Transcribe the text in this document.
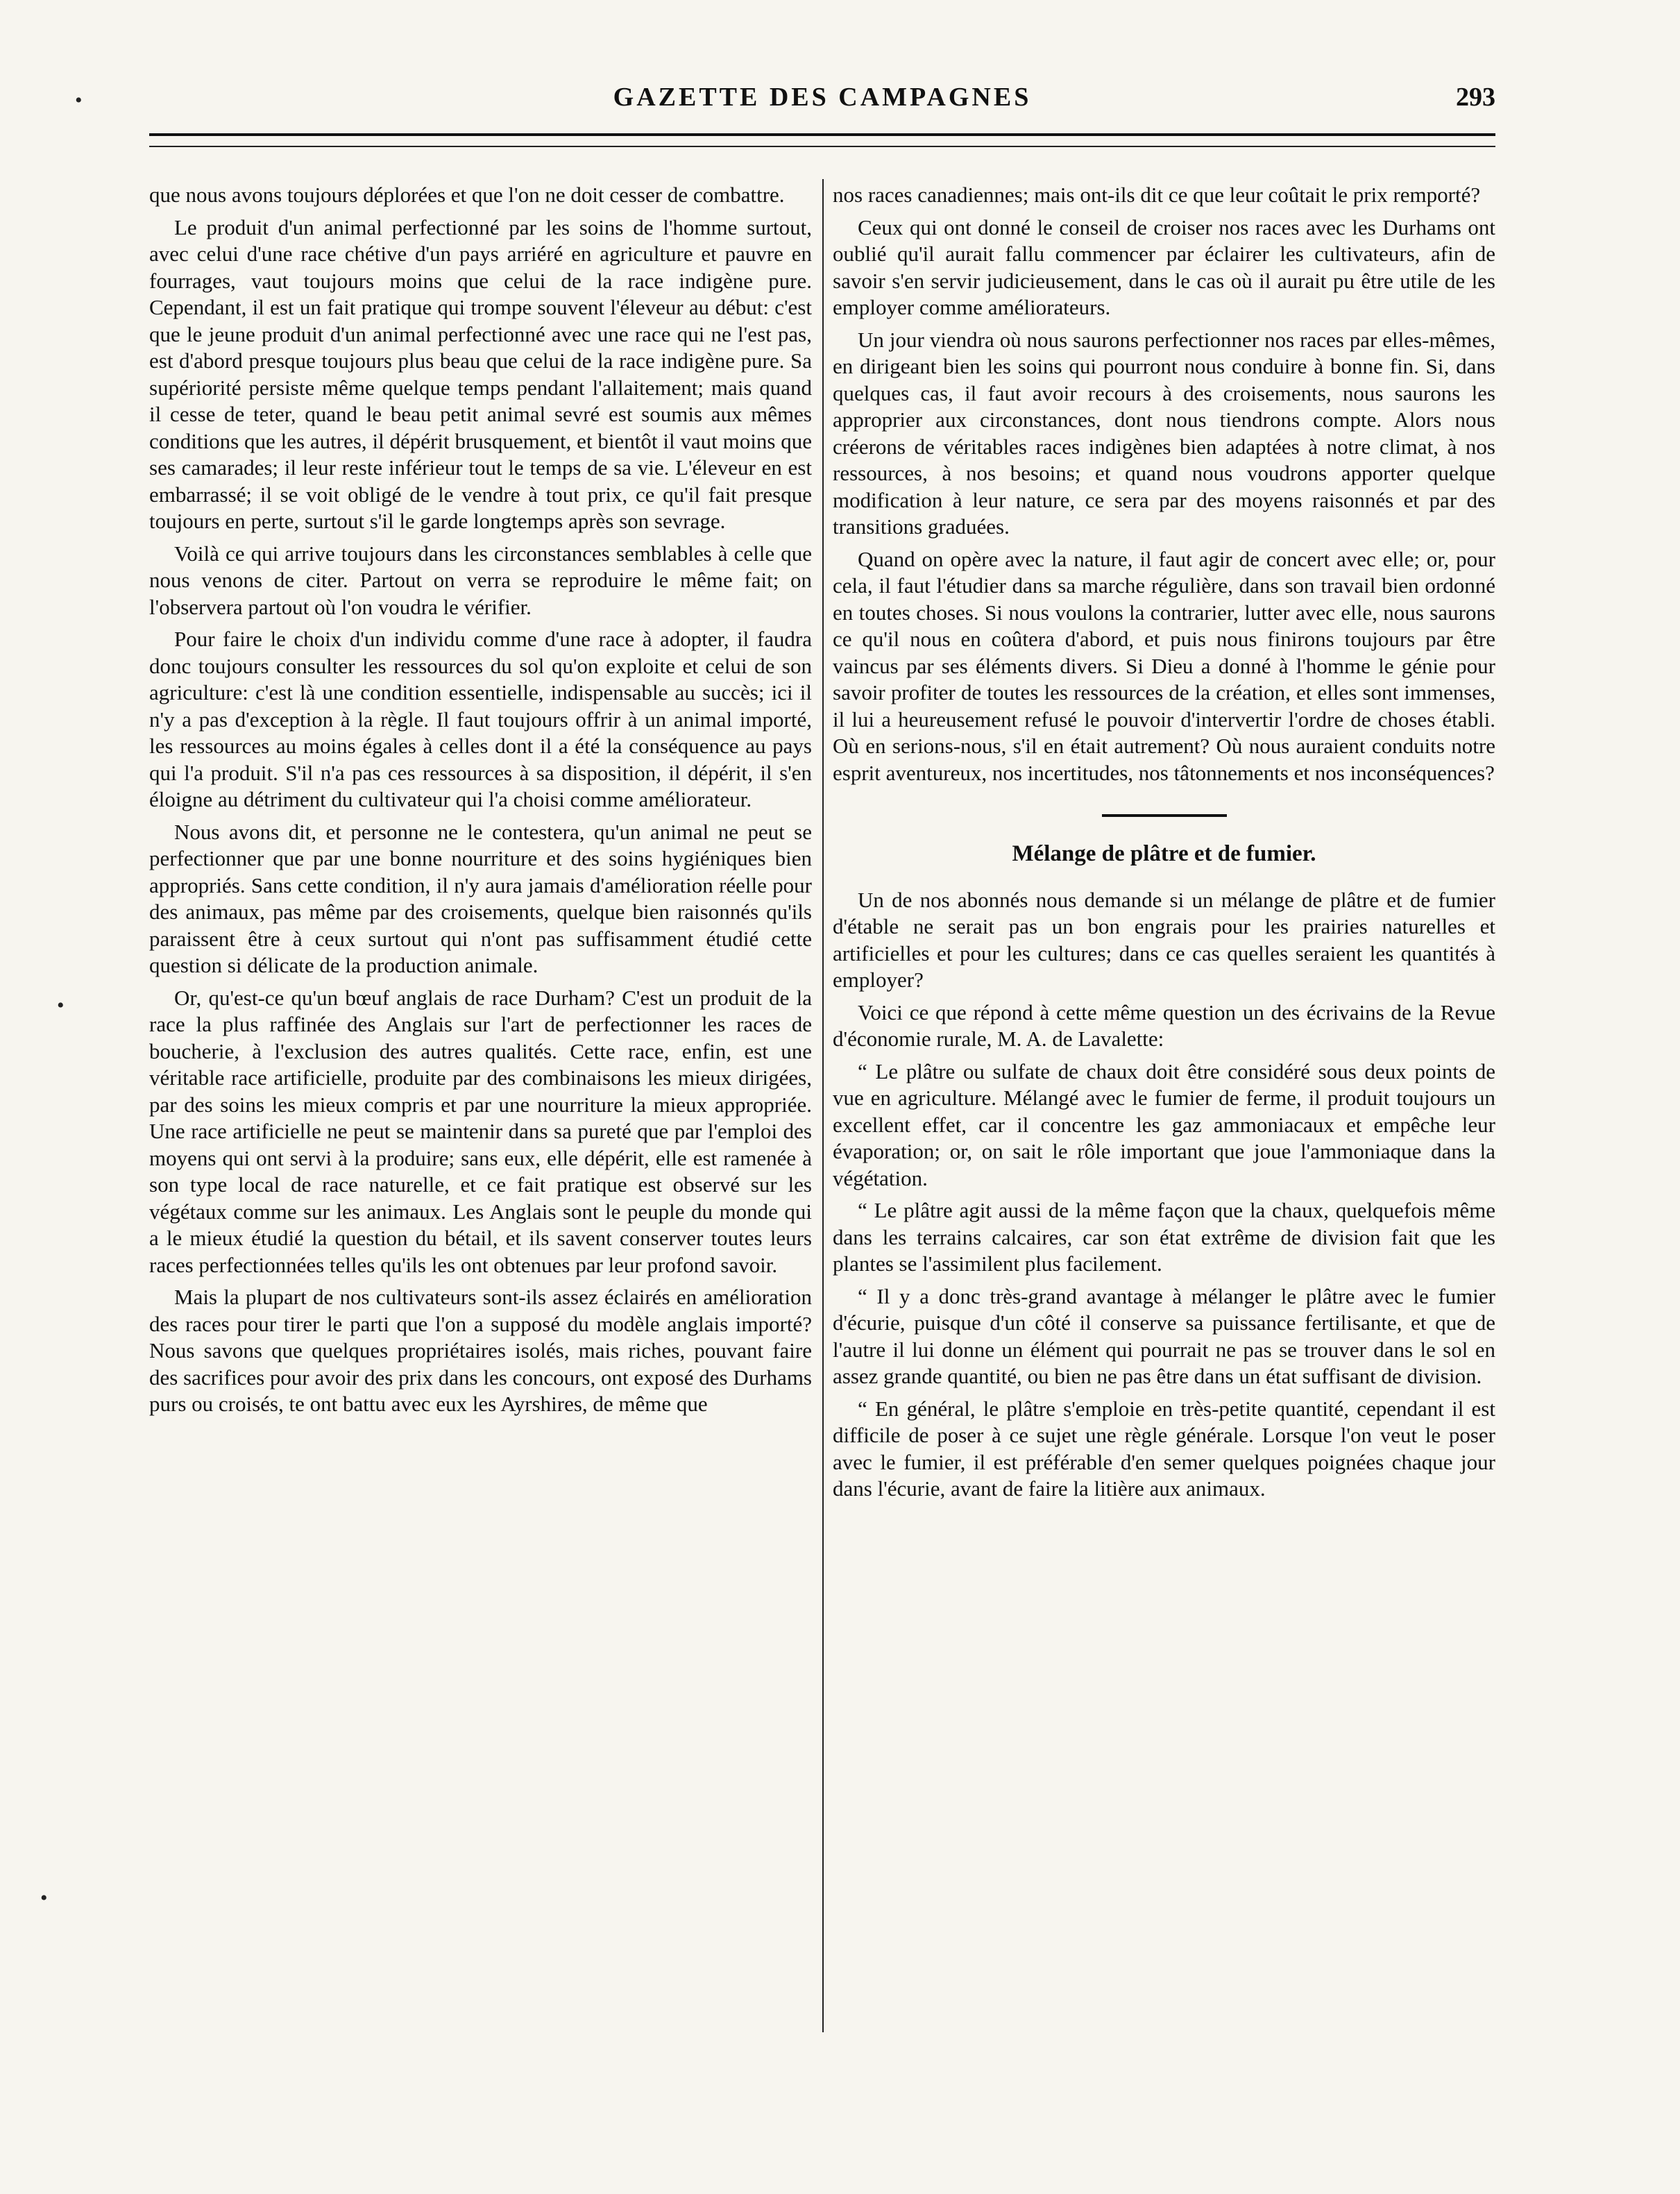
GAZETTE DES CAMPAGNES	293
•
•
•

que nous avons toujours déplorées et que l'on ne doit cesser de combattre.

Le produit d'un animal perfectionné par les soins de l'homme surtout, avec celui d'une race chétive d'un pays arriéré en agriculture et pauvre en fourrages, vaut toujours moins que celui de la race indigène pure. Cependant, il est un fait pratique qui trompe souvent l'éleveur au début: c'est que le jeune produit d'un animal perfectionné avec une race qui ne l'est pas, est d'abord presque toujours plus beau que celui de la race indigène pure. Sa supériorité persiste même quelque temps pendant l'allaitement; mais quand il cesse de teter, quand le beau petit animal sevré est soumis aux mêmes conditions que les autres, il dépérit brusquement, et bientôt il vaut moins que ses camarades; il leur reste inférieur tout le temps de sa vie. L'éleveur en est embarrassé; il se voit obligé de le vendre à tout prix, ce qu'il fait presque toujours en perte, surtout s'il le garde longtemps après son sevrage.

Voilà ce qui arrive toujours dans les circonstances semblables à celle que nous venons de citer. Partout on verra se reproduire le même fait; on l'observera partout où l'on voudra le vérifier.

Pour faire le choix d'un individu comme d'une race à adopter, il faudra donc toujours consulter les ressources du sol qu'on exploite et celui de son agriculture: c'est là une condition essentielle, indispensable au succès; ici il n'y a pas d'exception à la règle. Il faut toujours offrir à un animal importé, les ressources au moins égales à celles dont il a été la conséquence au pays qui l'a produit. S'il n'a pas ces ressources à sa disposition, il dépérit, il s'en éloigne au détriment du cultivateur qui l'a choisi comme améliorateur.

Nous avons dit, et personne ne le contestera, qu'un animal ne peut se perfectionner que par une bonne nourriture et des soins hygiéniques bien appropriés. Sans cette condition, il n'y aura jamais d'amélioration réelle pour des animaux, pas même par des croisements, quelque bien raisonnés qu'ils paraissent être à ceux surtout qui n'ont pas suffisamment étudié cette question si délicate de la production animale.

Or, qu'est-ce qu'un bœuf anglais de race Durham? C'est un produit de la race la plus raffinée des Anglais sur l'art de perfectionner les races de boucherie, à l'exclusion des autres qualités. Cette race, enfin, est une véritable race artificielle, produite par des combinaisons les mieux dirigées, par des soins les mieux compris et par une nourriture la mieux appropriée. Une race artificielle ne peut se maintenir dans sa pureté que par l'emploi des moyens qui ont servi à la produire; sans eux, elle dépérit, elle est ramenée à son type local de race naturelle, et ce fait pratique est observé sur les végétaux comme sur les animaux. Les Anglais sont le peuple du monde qui a le mieux étudié la question du bétail, et ils savent conserver toutes leurs races perfectionnées telles qu'ils les ont obtenues par leur profond savoir.

Mais la plupart de nos cultivateurs sont-ils assez éclairés en amélioration des races pour tirer le parti que l'on a supposé du modèle anglais importé? Nous savons que quelques propriétaires isolés, mais riches, pouvant faire des sacrifices pour avoir des prix dans les concours, ont exposé des Durhams purs ou croisés, te ont battu avec eux les Ayrshires, de même que

nos races canadiennes; mais ont-ils dit ce que leur coûtait le prix remporté?

Ceux qui ont donné le conseil de croiser nos races avec les Durhams ont oublié qu'il aurait fallu commencer par éclairer les cultivateurs, afin de savoir s'en servir judicieusement, dans le cas où il aurait pu être utile de les employer comme améliorateurs.

Un jour viendra où nous saurons perfectionner nos races par elles-mêmes, en dirigeant bien les soins qui pourront nous conduire à bonne fin. Si, dans quelques cas, il faut avoir recours à des croisements, nous saurons les approprier aux circonstances, dont nous tiendrons compte. Alors nous créerons de véritables races indigènes bien adaptées à notre climat, à nos ressources, à nos besoins; et quand nous voudrons apporter quelque modification à leur nature, ce sera par des moyens raisonnés et par des transitions graduées.

Quand on opère avec la nature, il faut agir de concert avec elle; or, pour cela, il faut l'étudier dans sa marche régulière, dans son travail bien ordonné en toutes choses. Si nous voulons la contrarier, lutter avec elle, nous saurons ce qu'il nous en coûtera d'abord, et puis nous finirons toujours par être vaincus par ses éléments divers. Si Dieu a donné à l'homme le génie pour savoir profiter de toutes les ressources de la création, et elles sont immenses, il lui a heureusement refusé le pouvoir d'intervertir l'ordre de choses établi. Où en serions-nous, s'il en était autrement? Où nous auraient conduits notre esprit aventureux, nos incertitudes, nos tâtonnements et nos inconséquences?

Mélange de plâtre et de fumier.

Un de nos abonnés nous demande si un mélange de plâtre et de fumier d'étable ne serait pas un bon engrais pour les prairies naturelles et artificielles et pour les cultures; dans ce cas quelles seraient les quantités à employer?

Voici ce que répond à cette même question un des écrivains de la Revue d'économie rurale, M. A. de Lavalette:

“ Le plâtre ou sulfate de chaux doit être considéré sous deux points de vue en agriculture. Mélangé avec le fumier de ferme, il produit toujours un excellent effet, car il concentre les gaz ammoniacaux et empêche leur évaporation; or, on sait le rôle important que joue l'ammoniaque dans la végétation.

“ Le plâtre agit aussi de la même façon que la chaux, quelquefois même dans les terrains calcaires, car son état extrême de division fait que les plantes se l'assimilent plus facilement.

“ Il y a donc très-grand avantage à mélanger le plâtre avec le fumier d'écurie, puisque d'un côté il conserve sa puissance fertilisante, et que de l'autre il lui donne un élément qui pourrait ne pas se trouver dans le sol en assez grande quantité, ou bien ne pas être dans un état suffisant de division.

“ En général, le plâtre s'emploie en très-petite quantité, cependant il est difficile de poser à ce sujet une règle générale. Lorsque l'on veut le poser avec le fumier, il est préférable d'en semer quelques poignées chaque jour dans l'écurie, avant de faire la litière aux animaux.
